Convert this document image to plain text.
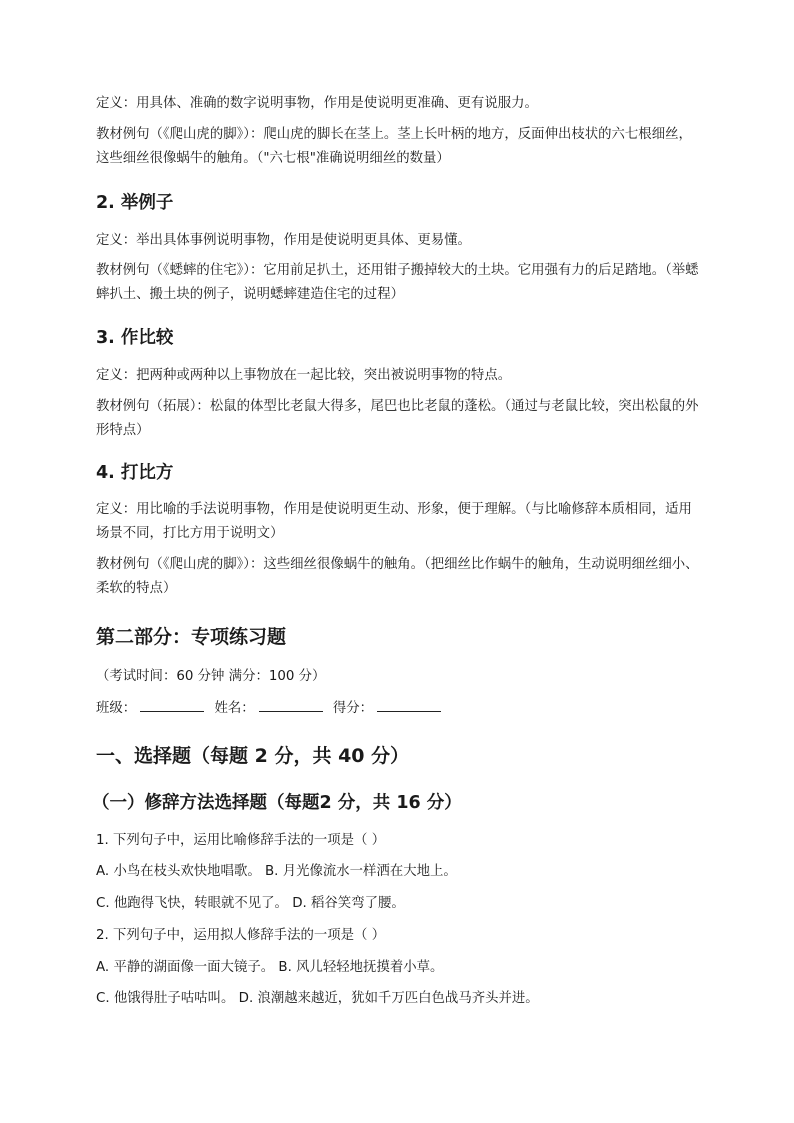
定义：用具体、准确的数字说明事物，作用是使说明更准确、更有说服力。

教材例句（《爬山虎的脚》）：爬山虎的脚长在茎上。茎上长叶柄的地方，反面伸出枝状的六七根细丝，这些细丝很像蜗牛的触角。（"六七根"准确说明细丝的数量）

2. 举例子

定义：举出具体事例说明事物，作用是使说明更具体、更易懂。

教材例句（《蟋蟀的住宅》）：它用前足扒土，还用钳子搬掉较大的土块。它用强有力的后足踏地。（举蟋蟀扒土、搬土块的例子，说明蟋蟀建造住宅的过程）

3. 作比较

定义：把两种或两种以上事物放在一起比较，突出被说明事物的特点。

教材例句（拓展）：松鼠的体型比老鼠大得多，尾巴也比老鼠的蓬松。（通过与老鼠比较，突出松鼠的外形特点）

4. 打比方

定义：用比喻的手法说明事物，作用是使说明更生动、形象，便于理解。（与比喻修辞本质相同，适用场景不同，打比方用于说明文）

教材例句（《爬山虎的脚》）：这些细丝很像蜗牛的触角。（把细丝比作蜗牛的触角，生动说明细丝细小、柔软的特点）

第二部分：专项练习题

（考试时间：60 分钟 满分：100 分）

班级：	姓名：	得分：

一、选择题（每题 2 分，共 40 分）
（一）修辞方法选择题（每题2 分，共 16 分）

1. 下列句子中，运用比喻修辞手法的一项是（ ）

A. 小鸟在枝头欢快地唱歌。 B. 月光像流水一样洒在大地上。

C. 他跑得飞快，转眼就不见了。 D. 稻谷笑弯了腰。

2. 下列句子中，运用拟人修辞手法的一项是（ ）

A. 平静的湖面像一面大镜子。 B. 风儿轻轻地抚摸着小草。

C. 他饿得肚子咕咕叫。 D. 浪潮越来越近，犹如千万匹白色战马齐头并进。
